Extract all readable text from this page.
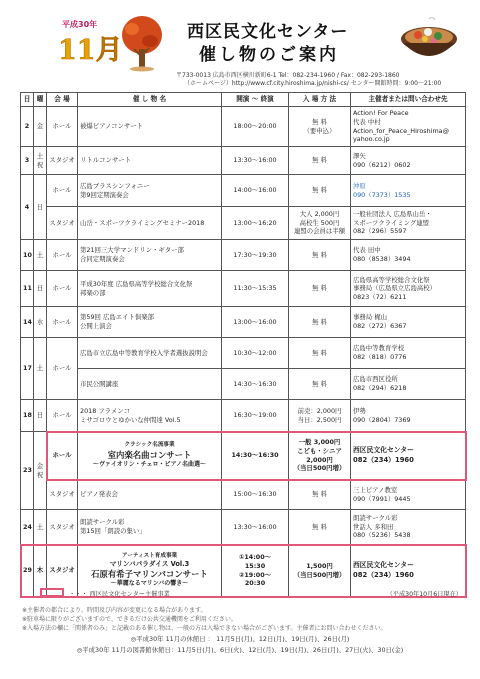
平成30年
11月
西区民文化センター
催し物のご案内
〒733-0013 広島市西区横川新町6-1 Tel：082-234-1960 / Fax：082-293-1860
（ホームページ）http://www.cf.city.hiroshima.jp/nishi-cs/ センター開館時間：9:00～21:00
日	曜	会 場	催 し 物 名	開演 ～ 終演	入 場 方 法	主催者または問い合わせ先
2	金	ホール	被爆ピアノコンサート	18:00～20:00	無 料
（要申込）	Action! For Peace
代表 中村
Action_for_Peace_Hiroshima@
yahoo.co.jp
3	土
祝	スタジオ	リトルコンサート	13:30～16:00	無 料	澤矢
090（6212）0602
4	日	ホール	広島ブラスシンフォニー
第9回定期演奏会	14:00～16:00	無 料	沖原
090（7373）1535

		スタジオ	山岳・スポーツクライミングセミナー2018	13:00～16:20	大人 2,000円
高校生 500円
連盟の会員は半額	一般社団法人 広島県山岳・
スポーツクライミング連盟
082（296）5597
10	土	ホール	第21回三大学マンドリン・ギター部
合同定期演奏会	17:30～19:30	無 料	代表 田中
080（8538）3494
11	日	ホール	平成30年度 広島県高等学校総合文化祭
邦楽の部	11:30～15:35	無 料	広島県高等学校総合文化祭
事務局（広島県立広島高校）
0823（72）6211
14	水	ホール	第59回 広島エイト倶楽部
公開上演会	13:00～16:00	無 料	事務局 梶山
082（272）6367
17	土	ホール	広島市立広島中等教育学校入学者選抜説明会	10:30～12:00	無 料	広島中等教育学校
082（818）0776
			市民公開講座	14:30～16:30	無 料	広島市西区役所
082（294）6218
18	日	ホール	2018 フラメンコ
ミサゴロウとゆかいな仲間達 Vol.5	16:30～19:00	前売：2,000円
当日：2,500円	伊勢
090（2804）7369
23	金
祝	ホール	クラシック名流事業
室内楽名曲コンサート
～ヴァイオリン・チェロ・ピアノ名曲選～	14:30～16:30	一般 3,000円
こども・シニア
2,000円
（当日500円増）	西区民文化センター
082（234）1960
		スタジオ	ピアノ発表会	15:00～16:30	無 料	三上ピアノ教室
090（7991）9445
24	土	スタジオ	朗読サークル彩
第15回「朗読の集い」	13:30～16:00	無 料	朗読サークル彩
世話人 多和田
080（5236）5438
29	木	スタジオ	アーティスト育成事業
マリンバパラダイス Vol.3
石原有希子マリンバコンサート
～華麗なるマリンバの響き～	①14:00～
15:30
②19:00～
20:30	1,500円
（当日500円増）	西区民文化センター
082（234）1960
・・・ 西区民文化センター主催事業	（平成30年10月6日現在）
※主催者の都合により、時間及び内容が変更になる場合があります。
※駐車場に限りがございますので、できるだけ公共交通機関をご利用ください。
※入場方法の欄に「関係者のみ」と記載のある催し物は、一般の方は入場できない場合がございます。主催者にお問い合わせください。
◎平成30年 11月の休館日 ： 11月5日(月)、12日(月)、19日(月)、26日(月)
◎平成30年 11月の図書館休館日：11月5日(月)、6日(火)、12日(月)、19日(月)、26日(月)、27日(火)、30日(金)
